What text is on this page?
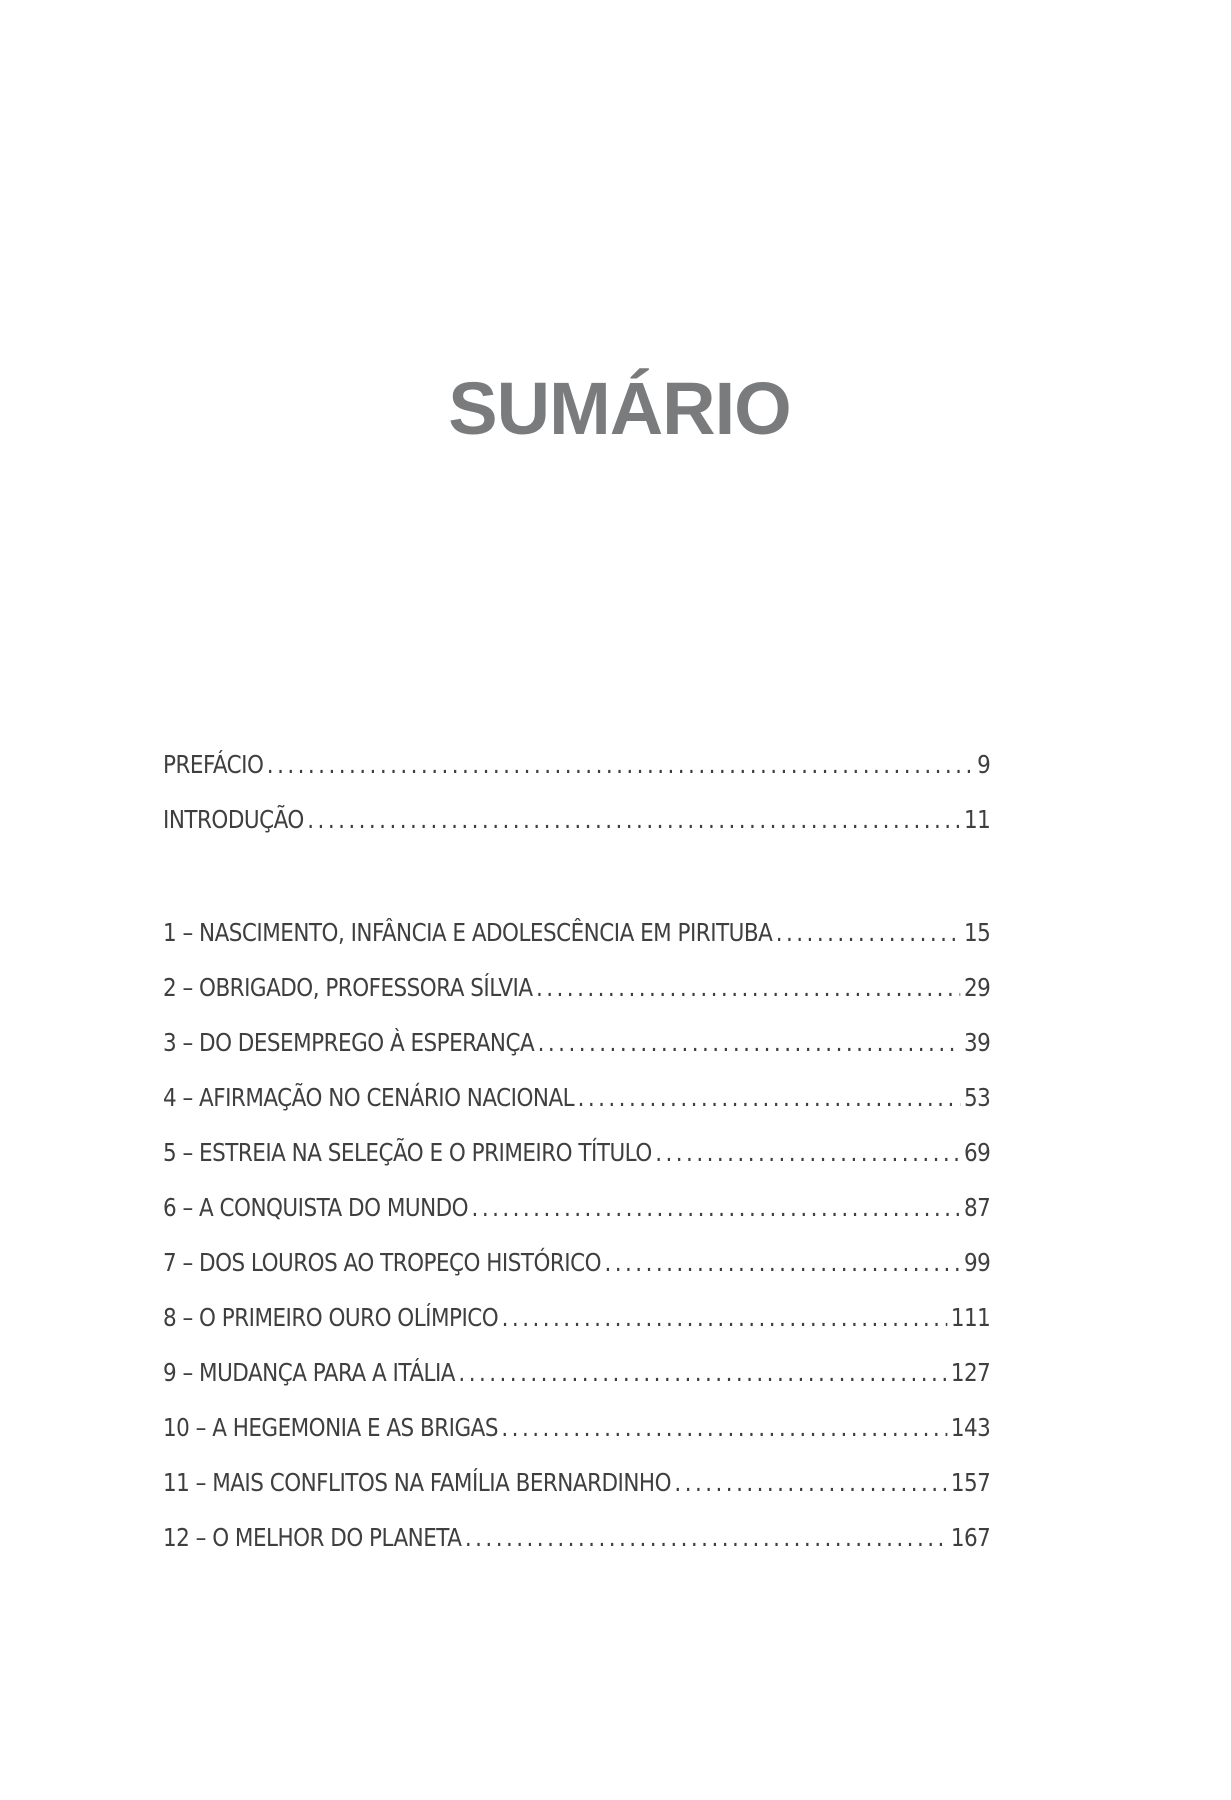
SUMÁRIO
PREFÁCIO .....	9
INTRODUÇÃO .....	11
1 – NASCIMENTO, INFÂNCIA E ADOLESCÊNCIA EM PIRITUBA .....	15
2 – OBRIGADO, PROFESSORA SÍLVIA .....	29
3 – DO DESEMPREGO À ESPERANÇA .....	39
4 – AFIRMAÇÃO NO CENÁRIO NACIONAL .....	53
5 – ESTREIA NA SELEÇÃO E O PRIMEIRO TÍTULO .....	69
6 – A CONQUISTA DO MUNDO .....	87
7 – DOS LOUROS AO TROPEÇO HISTÓRICO .....	99
8 – O PRIMEIRO OURO OLÍMPICO .....	111
9 – MUDANÇA PARA A ITÁLIA .....	127
10 – A HEGEMONIA E AS BRIGAS .....	143
11 – MAIS CONFLITOS NA FAMÍLIA BERNARDINHO .....	157
12 – O MELHOR DO PLANETA .....	167
